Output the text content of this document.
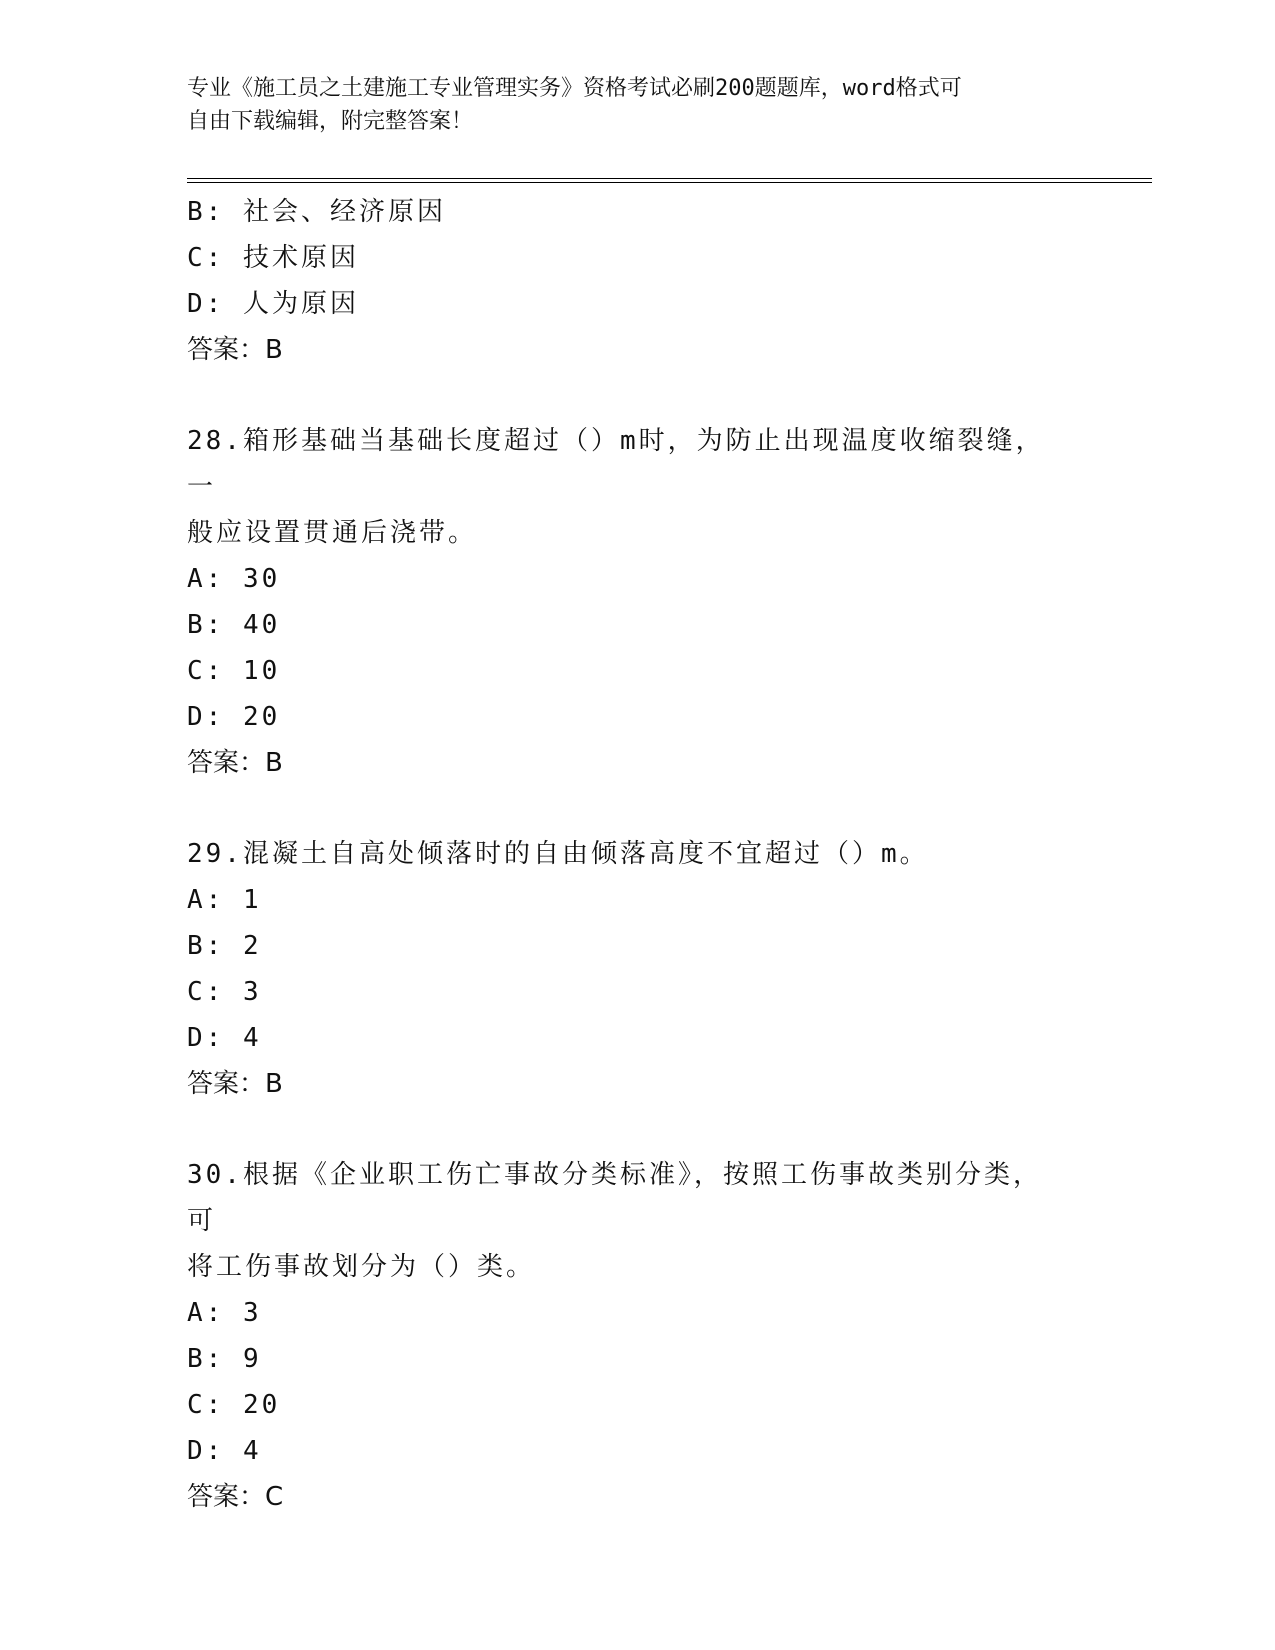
专业《施工员之土建施工专业管理实务》资格考试必刷200题题库，word格式可
自由下载编辑，附完整答案！
B: 社会、经济原因
C: 技术原因
D: 人为原因
答案：B
28.箱形基础当基础长度超过（）m时，为防止出现温度收缩裂缝，一
般应设置贯通后浇带。
A: 30
B: 40
C: 10
D: 20
答案：B
29.混凝土自高处倾落时的自由倾落高度不宜超过（）m。
A: 1
B: 2
C: 3
D: 4
答案：B
30.根据《企业职工伤亡事故分类标准》，按照工伤事故类别分类，可
将工伤事故划分为（）类。
A: 3
B: 9
C: 20
D: 4
答案：C
